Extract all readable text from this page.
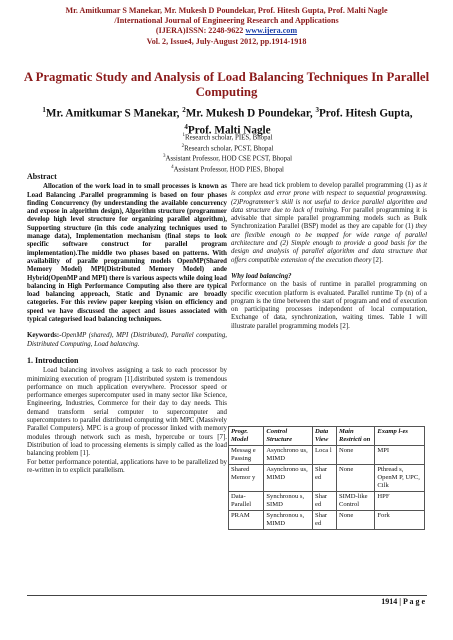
Mr. Amitkumar S Manekar, Mr. Mukesh D Poundekar, Prof. Hitesh Gupta, Prof. Malti Nagle
/International Journal of Engineering Research and Applications
(IJERA)ISSN: 2248-9622 www.ijera.com
Vol. 2, Issue4, July-August 2012, pp.1914-1918
A Pragmatic Study and Analysis of Load Balancing Techniques In Parallel Computing
$^1$Mr. Amitkumar S Manekar, $^2$Mr. Mukesh D Poundekar, $^3$Prof. Hitesh Gupta, $^4$Prof. Malti Nagle
$^1$Research scholar, PIES, Bhopal
$^2$Research scholar, PCST, Bhopal
$^3$Assistant Professor, HOD CSE PCST, Bhopal
$^4$Assistant Professor, HOD PIES, Bhopal
Abstract
Allocation of the work load in to small processes is known as Load Balancing .Parallel programming is based on four phases finding Concurrency (by understanding the available concurrency and expose in algorithm design), Algorithm structure (programmer develop high level structure for organizing parallel algorithm), Supporting structure (in this code analyzing techniques used to manage data), Implementation mechanism (final steps to look specific software construct for parallel program implementation).The middle two phases based on patterns. With availability of paralle programming models OpenMP(Shared Memory Model) MPI(Distributed Memory Model) ande Hybrid(OpenMP and MPI) there is various aspects while doing load balancing in High Performance Computing also there are typical load balancing approach, Static and Dynamic are broadly categories. For this review paper keeping vision on efficiency and speed we have discussed the aspect and issues associated with typical categorised load balancing techniques.
Keywords:-OpenMP (shared), MPI (Distributed), Parallel computing, Distributed Computing, Load balancing.
1. Introduction
Load balancing involves assigning a task to each processor by minimizing execution of program [1].distributed system is tremendous performance on much application everywhere. Processor speed or performance emerges supercomputer used in many sector like Science, Engineering, Industries, Commerce for their day to day needs. This demand transform serial computer to supercomputer and supercomputers to parallel distributed computing with MPC (Massively Parallel Computers). MPC is a group of processor linked with memory modules through network such as mesh, hypercube or tours [7]. Distribution of load to processing elements is simply called as the load balancing problem [1].
For better performance potential, applications have to be parallelized by re-written in to explicit parallelism.
There are head tick problem to develop parallel programming (1) as it is complex and error prone with respect to sequential programming. (2)Programmer’s skill is not useful to device parallel algorithm and data structure due to lack of training. For parallel programming it is advisable that simple parallel programming models such as Bulk Synchronization Parallel (BSP) model as they are capable for (1) they are flexible enough to be mapped for wide range of parallel architecture and (2) Simple enough to provide a good basis for the design and analysis of parallel algorithm and data structure that offers compatible extension of the execution theory [2].
Why load balancing?
Performance on the basis of runtime in parallel programming on specific execution platform is evaluated. Parallel runtime Tp (n) of a program is the time between the start of program and end of execution on participating processes independent of local computation, Exchange of data, synchronization, waiting times. Table I will illustrate parallel programming models [2].
Progr. Model	Control Structure	Data View	Main Restricti on	Examp l-es
Messag e Passing	Asynchrono us, MIMD	Loca l	None	MPI
Shared Memor y	Asynchrono us, MIMD	Shar ed	None	Pthread s, OpenM P, UPC, Cilk
Data-Parallel	Synchronou s, SIMD	Shar ed	SIMD-like Control	HPF
PRAM	Synchronou s, MIMD	Shar ed	None	Fork
1914 | P a g e
